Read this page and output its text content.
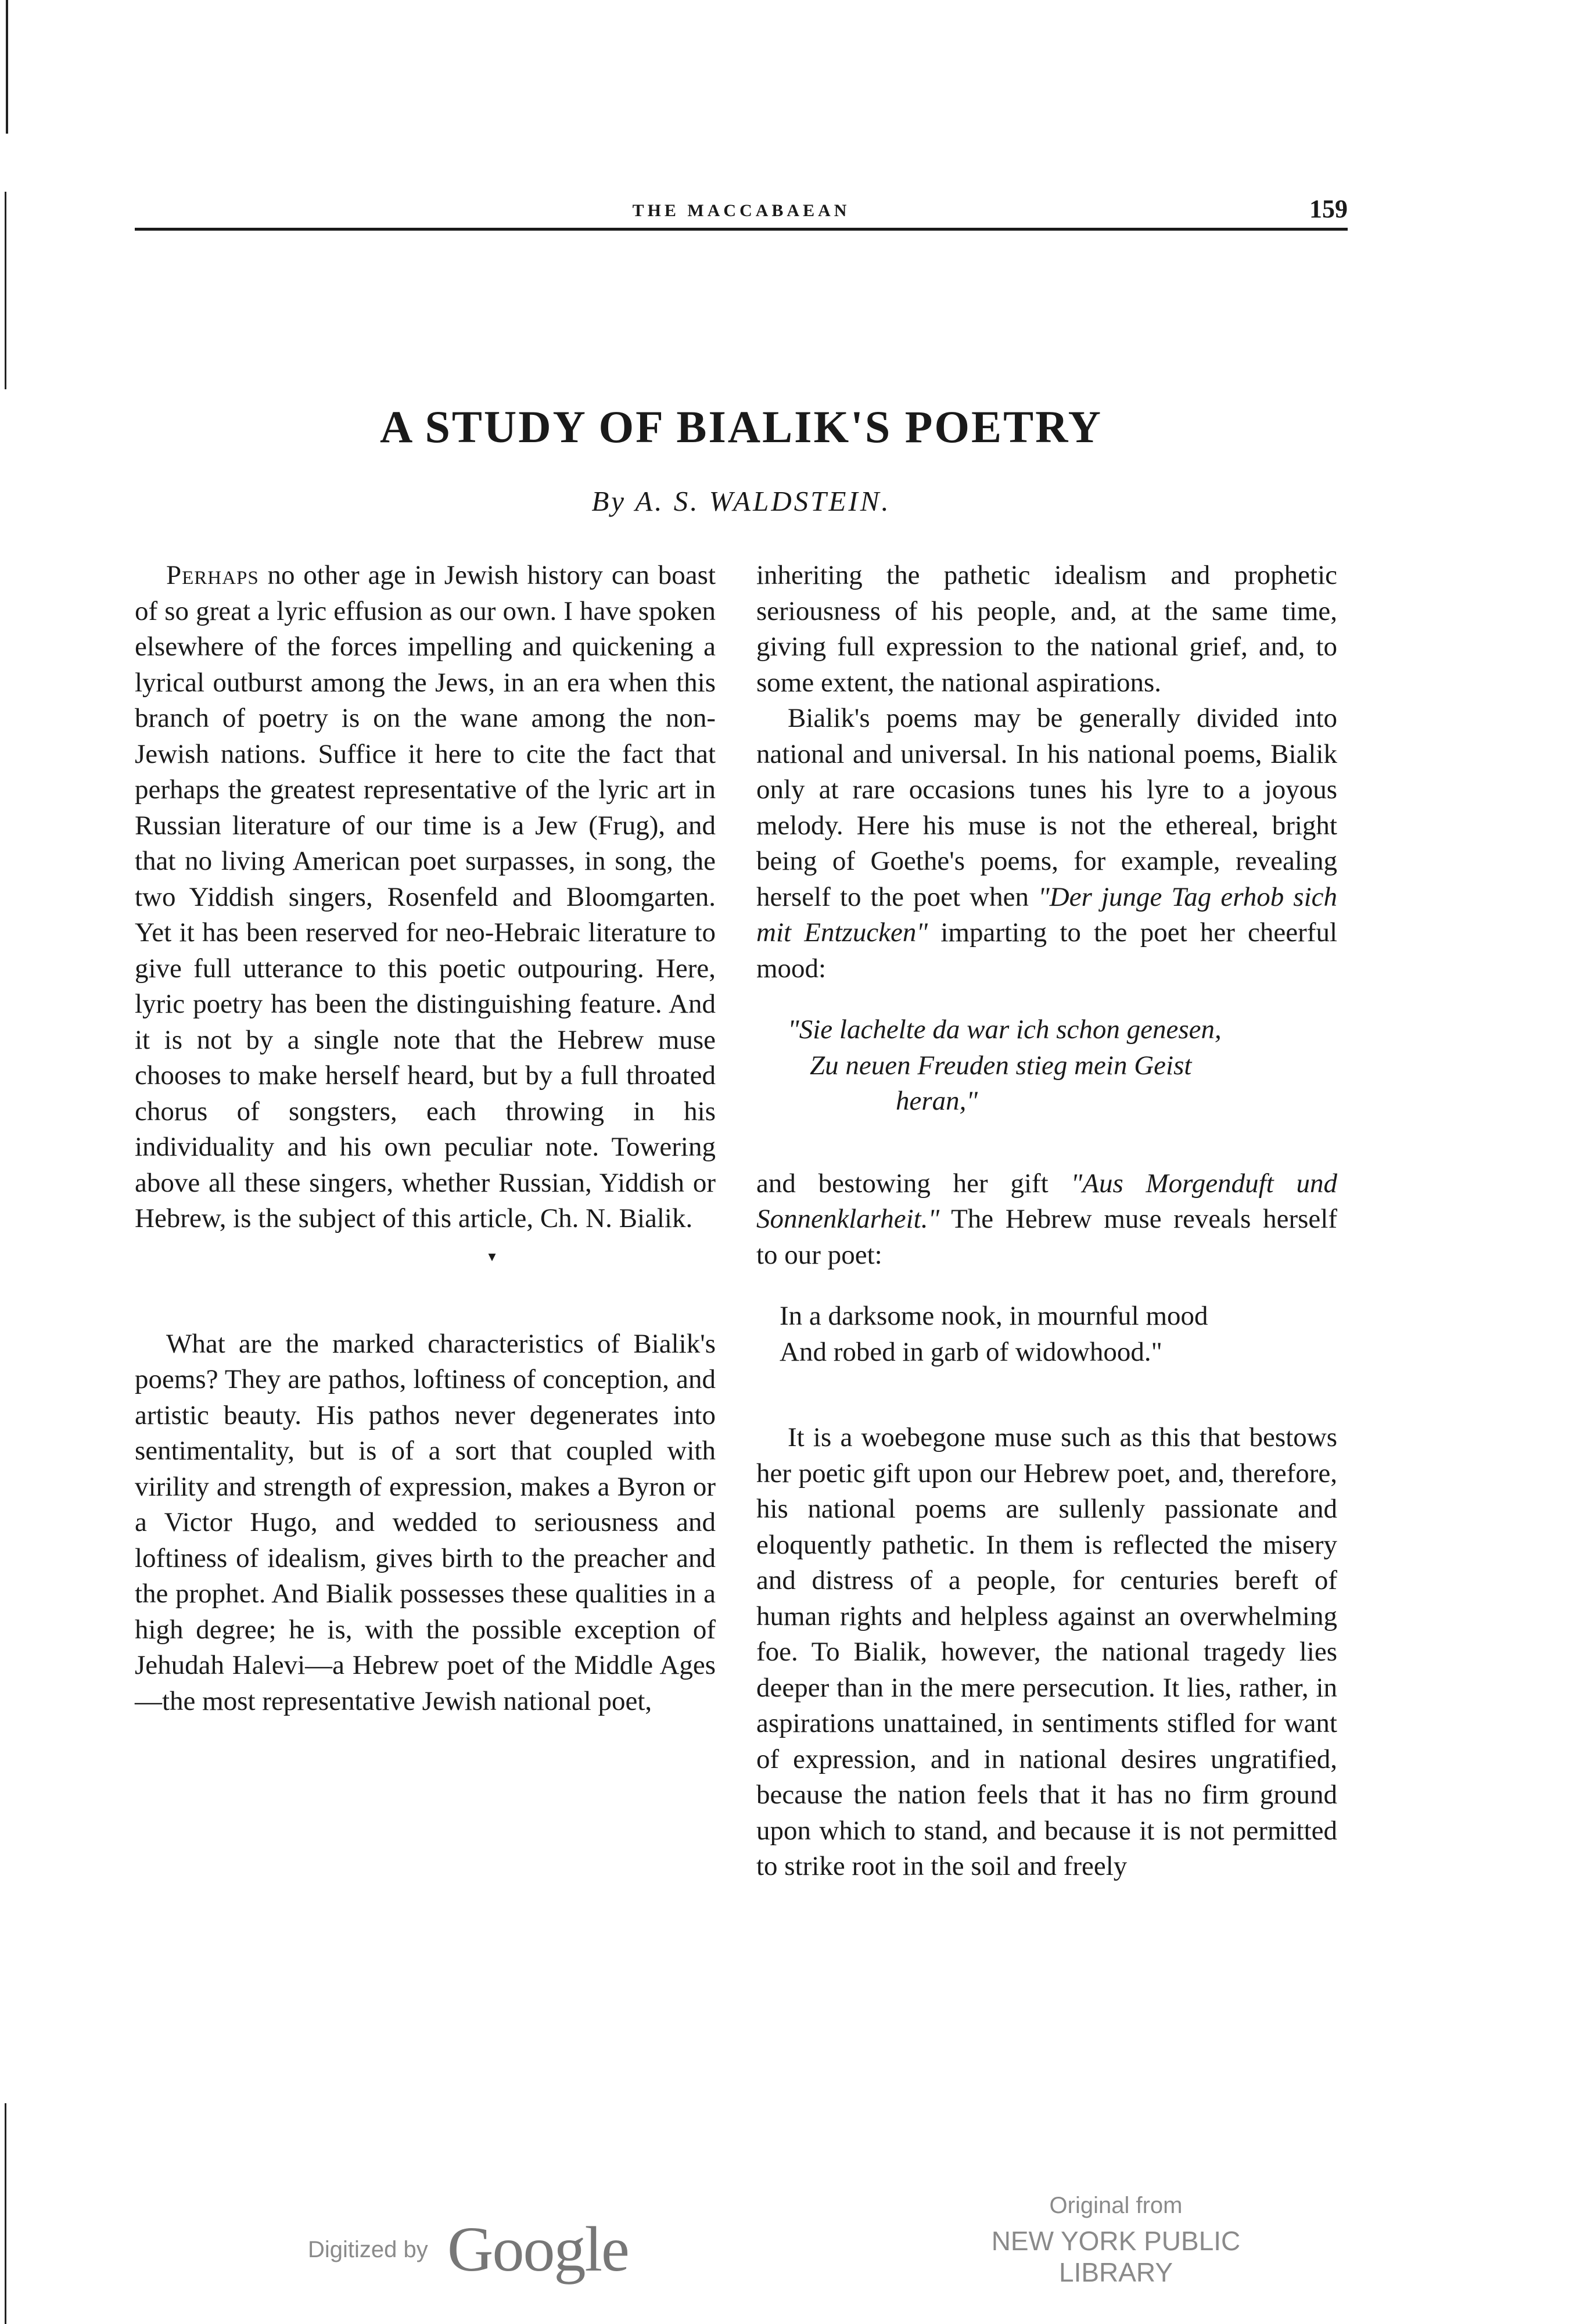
THE MACCABAEAN	159
A STUDY OF BIALIK'S POETRY
By A. S. WALDSTEIN.

Perhaps no other age in Jewish history can boast of so great a lyric effusion as our own. I have spoken elsewhere of the forces impelling and quickening a lyrical outburst among the Jews, in an era when this branch of poetry is on the wane among the non-Jewish nations. Suffice it here to cite the fact that perhaps the greatest representative of the lyric art in Russian literature of our time is a Jew (Frug), and that no living American poet surpasses, in song, the two Yiddish singers, Rosenfeld and Bloomgarten. Yet it has been reserved for neo-Hebraic literature to give full utterance to this poetic outpouring. Here, lyric poetry has been the distinguishing feature. And it is not by a single note that the Hebrew muse chooses to make herself heard, but by a full throated chorus of songsters, each throwing in his individuality and his own peculiar note. Towering above all these singers, whether Russian, Yiddish or Hebrew, is the subject of this article, Ch. N. Bialik.

▾

What are the marked characteristics of Bialik's poems? They are pathos, loftiness of conception, and artistic beauty. His pathos never degenerates into sentimentality, but is of a sort that coupled with virility and strength of expression, makes a Byron or a Victor Hugo, and wedded to seriousness and loftiness of idealism, gives birth to the preacher and the prophet. And Bialik possesses these qualities in a high degree; he is, with the possible exception of Jehudah Halevi—a Hebrew poet of the Middle Ages—the most representative Jewish national poet,

inheriting the pathetic idealism and prophetic seriousness of his people, and, at the same time, giving full expression to the national grief, and, to some extent, the national aspirations.

Bialik's poems may be generally divided into national and universal. In his national poems, Bialik only at rare occasions tunes his lyre to a joyous melody. Here his muse is not the ethereal, bright being of Goethe's poems, for example, revealing herself to the poet when "Der junge Tag erhob sich mit Entzucken" imparting to the poet her cheerful mood:

"Sie lachelte da war ich schon genesen,

Zu neuen Freuden stieg mein Geist

heran,"

and bestowing her gift "Aus Morgenduft und Sonnenklarheit." The Hebrew muse reveals herself to our poet:

In a darksome nook, in mournful mood

And robed in garb of widowhood."

It is a woebegone muse such as this that bestows her poetic gift upon our Hebrew poet, and, therefore, his national poems are sullenly passionate and eloquently pathetic. In them is reflected the misery and distress of a people, for centuries bereft of human rights and helpless against an overwhelming foe. To Bialik, however, the national tragedy lies deeper than in the mere persecution. It lies, rather, in aspirations unattained, in sentiments stifled for want of expression, and in national desires ungratified, because the nation feels that it has no firm ground upon which to stand, and because it is not permitted to strike root in the soil and freely

Digitized by Google
Original from
NEW YORK PUBLIC LIBRARY
